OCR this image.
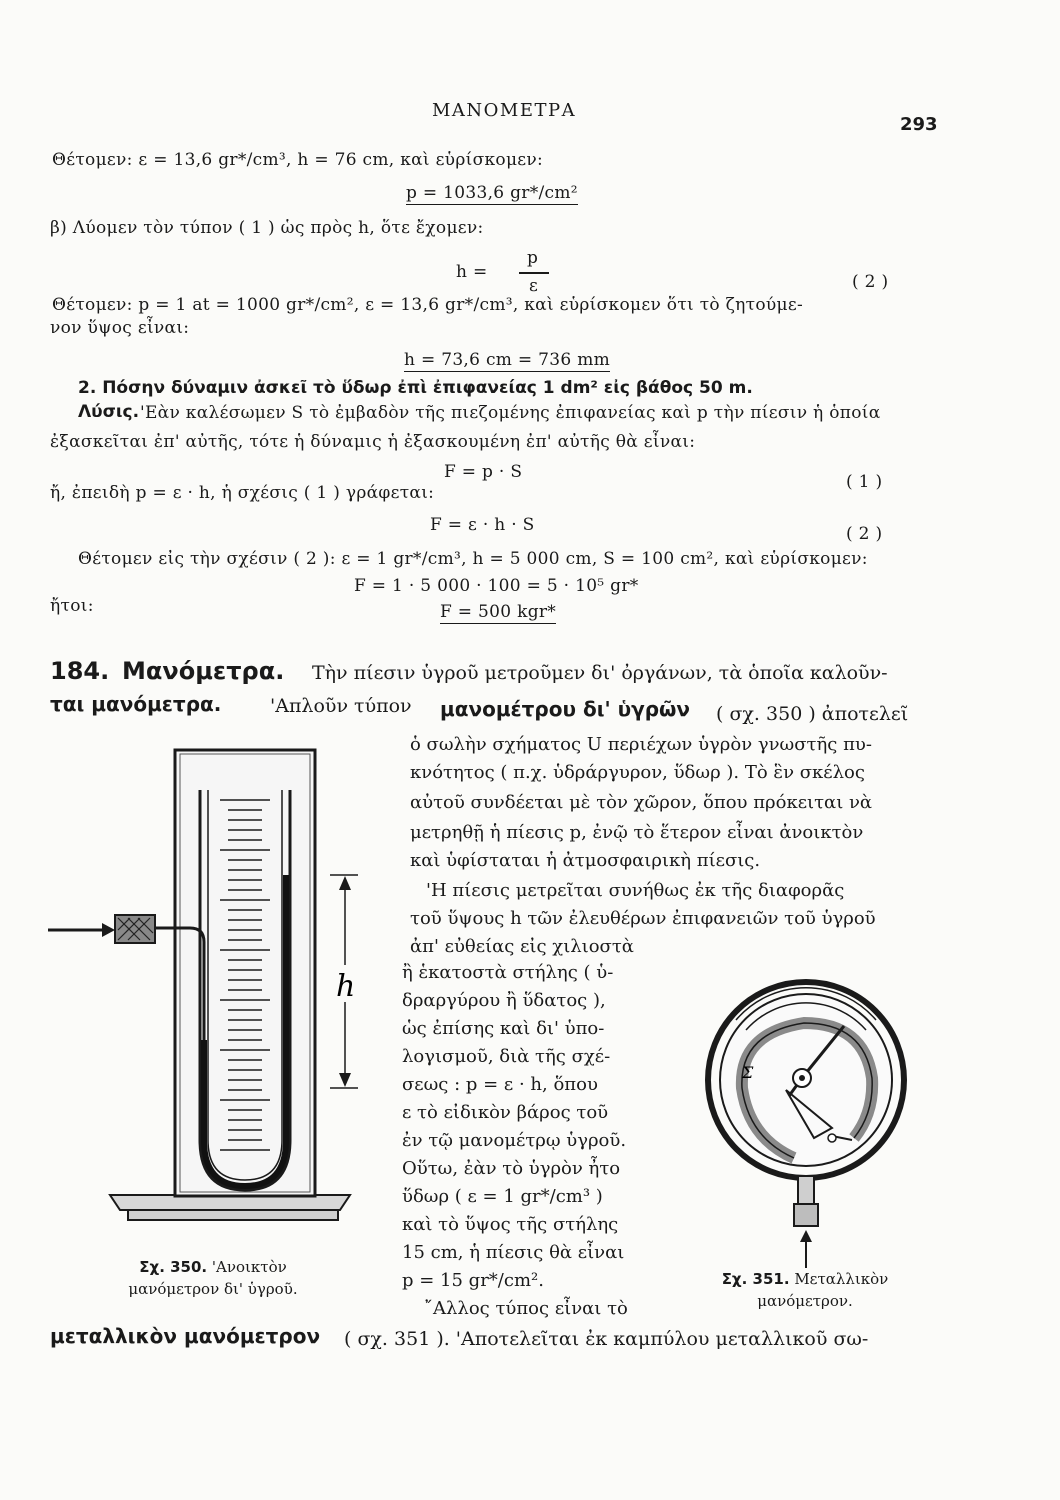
ΜΑΝΟΜΕΤΡΑ
293
Θέτομεν: ε = 13,6 gr*/cm³, h = 76 cm, καὶ εὑρίσκομεν:
p = 1033,6 gr*/cm²
β) Λύομεν τὸν τύπον ( 1 ) ὡς πρὸς h, ὅτε ἔχομεν:
h =
p
ε	( 2 )
Θέτομεν: p = 1 at = 1000 gr*/cm², ε = 13,6 gr*/cm³, καὶ εὑρίσκομεν ὅτι τὸ ζητούμε-
νον ὕψος εἶναι:
h = 73,6 cm = 736 mm
2. Πόσην δύναμιν ἀσκεῖ τὸ ὕδωρ ἐπὶ ἐπιφανείας 1 dm² εἰς βάθος 50 m.
Λύσις. 'Εὰν καλέσωμεν S τὸ ἐμβαδὸν τῆς πιεζομένης ἐπιφανείας καὶ p τὴν πίεσιν ἡ ὁποία
ἐξασκεῖται ἐπ' αὐτῆς, τότε ἡ δύναμις ἡ ἐξασκουμένη ἐπ' αὐτῆς θὰ εἶναι:
F = p · S	( 1 )
ἤ, ἐπειδὴ p = ε · h, ἡ σχέσις ( 1 ) γράφεται:
F = ε · h · S	( 2 )
Θέτομεν εἰς τὴν σχέσιν ( 2 ): ε = 1 gr*/cm³, h = 5 000 cm, S = 100 cm², καὶ εὑρίσκομεν:
F = 1 · 5 000 · 100 = 5 · 10⁵ gr*
ἤτοι:	F = 500 kgr*
184. Μανόμετρα. Τὴν πίεσιν ὑγροῦ μετροῦμεν δι' ὀργάνων, τὰ ὁποῖα καλοῦν-
ται μανόμετρα.	'Απλοῦν τύπον μανομέτρου δι' ὑγρῶν ( σχ. 350 ) ἀποτελεῖ
ὁ σωλὴν σχήματος U περιέχων ὑγρὸν γνωστῆς πυ-
κνότητος ( π.χ. ὑδράργυρον, ὕδωρ ). Τὸ ἓν σκέλος
αὐτοῦ συνδέεται μὲ τὸν χῶρον, ὅπου πρόκειται νὰ
μετρηθῇ ἡ πίεσις p, ἐνῷ τὸ ἕτερον εἶναι ἀνοικτὸν
καὶ ὑφίσταται ἡ ἀτμοσφαιρικὴ πίεσις.
'Η πίεσις μετρεῖται συνήθως ἐκ τῆς διαφορᾶς
τοῦ ὕψους h τῶν ἐλευθέρων ἐπιφανειῶν τοῦ ὑγροῦ
ἀπ' εὐθείας εἰς χιλιοστὰ
ἢ ἑκατοστὰ στήλης ( ὑ-
δραργύρου ἢ ὕδατος ),
ὡς ἐπίσης καὶ δι' ὑπο-
λογισμοῦ, διὰ τῆς σχέ-
σεως : p = ε · h, ὅπου
ε τὸ εἰδικὸν βάρος τοῦ
ἐν τῷ μανομέτρῳ ὑγροῦ.
Οὕτω, ἐὰν τὸ ὑγρὸν ἦτο
ὕδωρ ( ε = 1 gr*/cm³ )
καὶ τὸ ὕψος τῆς στήλης
15 cm, ἡ πίεσις θὰ εἶναι
p = 15 gr*/cm².
῎Αλλος τύπος εἶναι τὸ
μεταλλικὸν μανόμετρον ( σχ. 351 ). 'Αποτελεῖται ἐκ καμπύλου μεταλλικοῦ σω-
h
Σχ. 350. 'Ανοικτὸν
μανόμετρον δι' ὑγροῦ.
Σ
Σχ. 351. Μεταλλικὸν
μανόμετρον.
